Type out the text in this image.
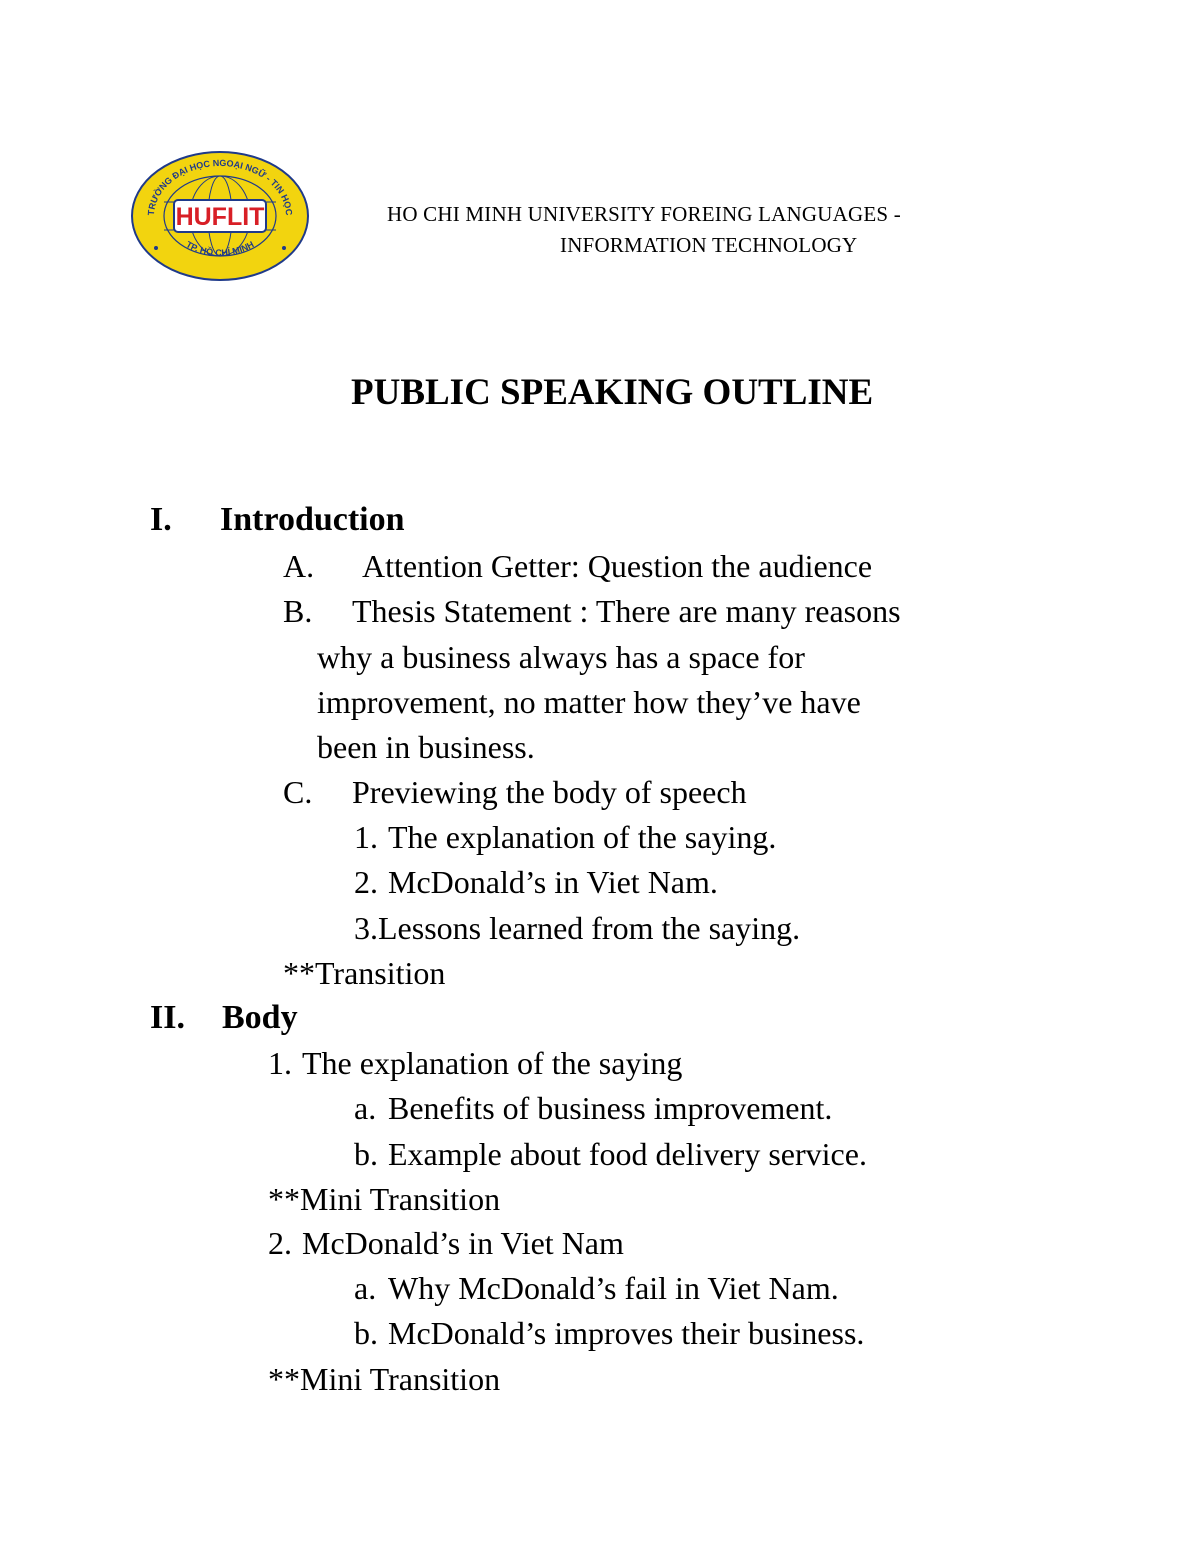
HUFLIT
TRƯỜNG ĐẠI HỌC NGOẠI NGỮ - TIN HỌC
TP. HỒ CHÍ MINH
HO CHI MINH UNIVERSITY FOREING LANGUAGES -
INFORMATION TECHNOLOGY
PUBLIC SPEAKING OUTLINE
I. Introduction
A. Attention Getter: Question the audience
B. Thesis Statement : There are many reasons
why a business always has a space for
improvement, no matter how they’ve have
been in business.
C. Previewing the body of speech
1. The explanation of the saying.
2. McDonald’s in Viet Nam.
3.Lessons learned from the saying.
**Transition
II. Body
1. The explanation of the saying
a. Benefits of business improvement.
b. Example about food delivery service.
**Mini Transition
2. McDonald’s in Viet Nam
a. Why McDonald’s fail in Viet Nam.
b. McDonald’s improves their business.
**Mini Transition
